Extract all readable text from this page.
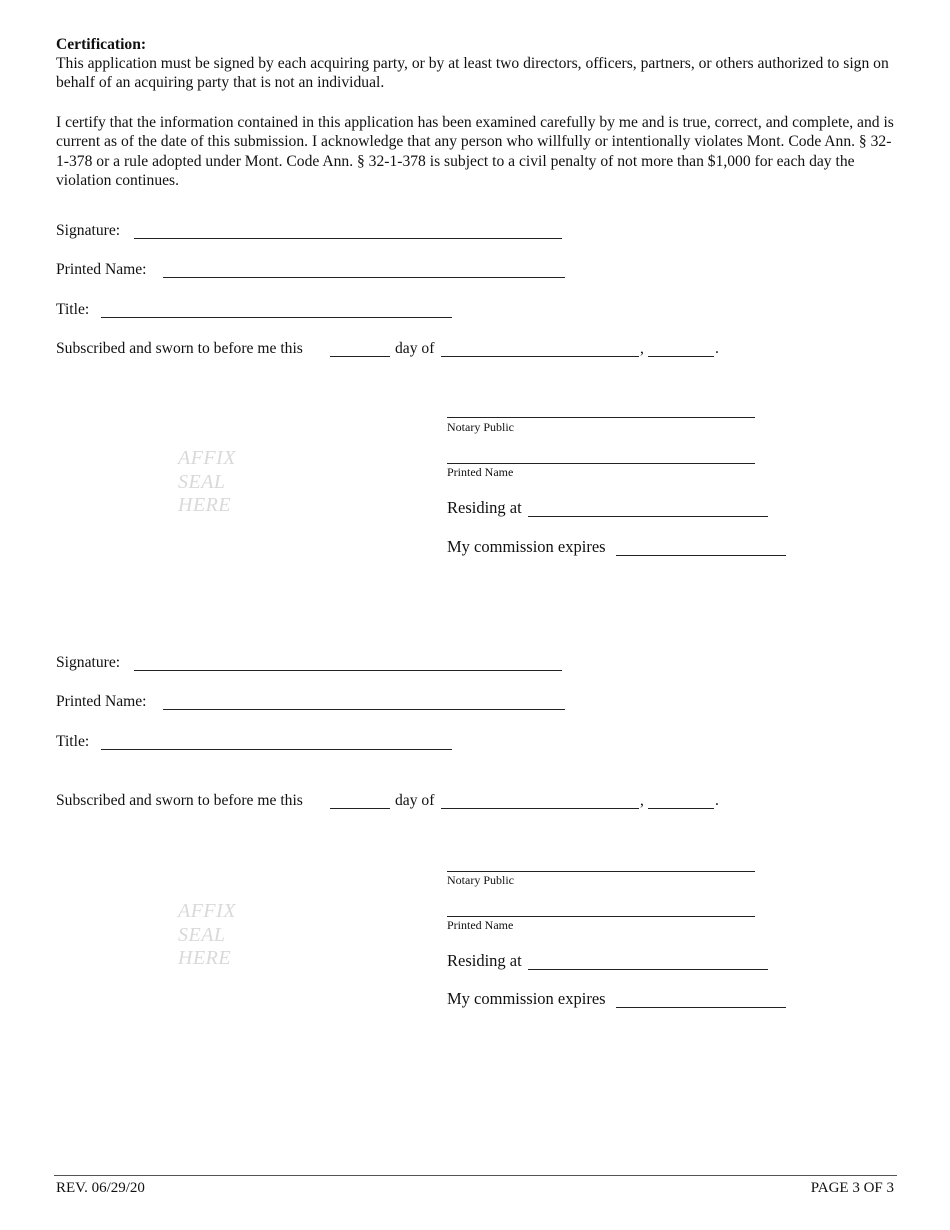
Certification:
This application must be signed by each acquiring party, or by at least two directors, officers, partners, or others authorized to sign on behalf of an acquiring party that is not an individual.
I certify that the information contained in this application has been examined carefully by me and is true, correct, and complete, and is current as of the date of this submission. I acknowledge that any person who willfully or intentionally violates Mont. Code Ann. § 32-1-378 or a rule adopted under Mont. Code Ann. § 32-1-378 is subject to a civil penalty of not more than $1,000 for each day the violation continues.
Signature:
Printed Name:
Title:
Subscribed and sworn to before me this	day of	,	.
Notary Public
Printed Name
Residing at
My commission expires
AFFIX
SEAL
HERE
Signature:
Printed Name:
Title:
Subscribed and sworn to before me this	day of	,	.
Notary Public
Printed Name
Residing at
My commission expires
AFFIX
SEAL
HERE
REV. 06/29/20	PAGE 3 OF 3
